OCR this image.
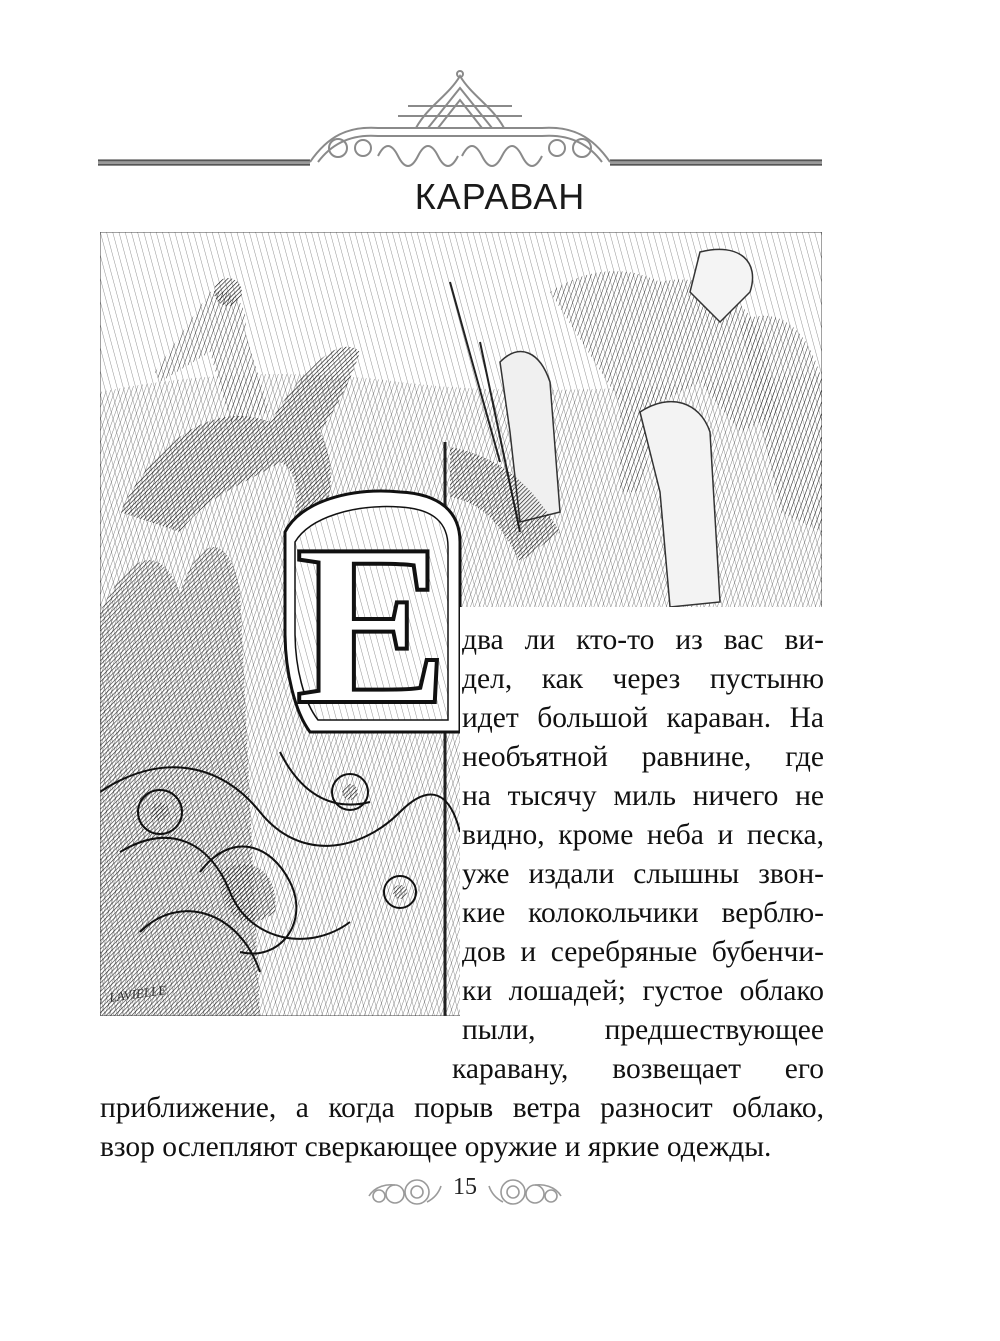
КАРАВАН
Е
LAVIELLE
два ли кто-то из вас ви-
дел, как через пустыню
идет большой караван. На
необъятной равнине, где
на тысячу миль ничего не
видно, кроме неба и песка,
уже издали слышны звон-
кие колокольчики верблю-
дов и серебряные бубенчи-
ки лошадей; густое облако
пыли, предшествующее
каравану, возвещает его
приближение, а когда порыв ветра разносит облако,
взор ослепляют сверкающее оружие и яркие одежды.
15
